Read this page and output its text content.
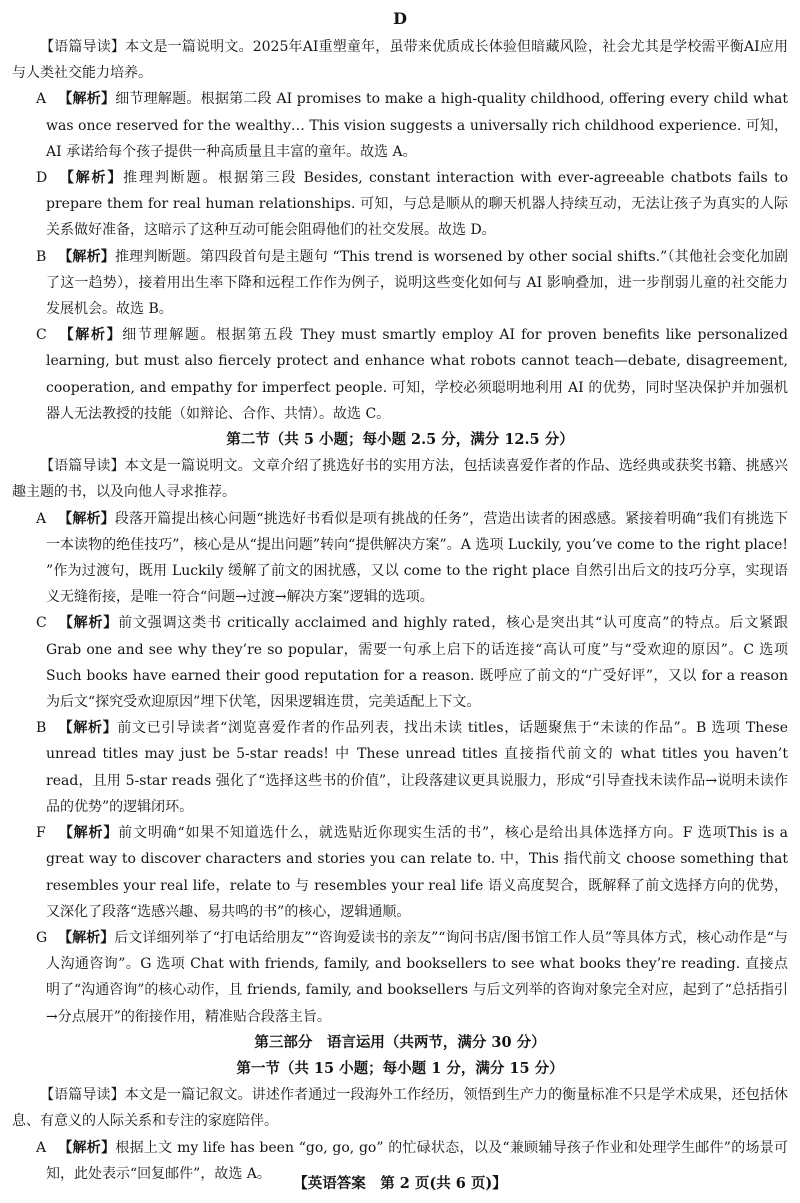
D

【语篇导读】本文是一篇说明文。2025年AI重塑童年，虽带来优质成长体验但暗藏风险，社会尤其是学校需平衡AI应用与人类社交能力培养。

A 【解析】细节理解题。根据第二段 AI promises to make a high-quality childhood, offering every child what was once reserved for the wealthy… This vision suggests a universally rich childhood experience. 可知，AI 承诺给每个孩子提供一种高质量且丰富的童年。故选 A。

D 【解析】推理判断题。根据第三段 Besides, constant interaction with ever-agreeable chatbots fails to prepare them for real human relationships. 可知，与总是顺从的聊天机器人持续互动，无法让孩子为真实的人际关系做好准备，这暗示了这种互动可能会阻碍他们的社交发展。故选 D。

B 【解析】推理判断题。第四段首句是主题句 “This trend is worsened by other social shifts.”（其他社会变化加剧了这一趋势），接着用出生率下降和远程工作作为例子，说明这些变化如何与 AI 影响叠加，进一步削弱儿童的社交能力发展机会。故选 B。

C 【解析】细节理解题。根据第五段 They must smartly employ AI for proven benefits like personalized learning, but must also fiercely protect and enhance what robots cannot teach—debate, disagreement, cooperation, and empathy for imperfect people. 可知，学校必须聪明地利用 AI 的优势，同时坚决保护并加强机器人无法教授的技能（如辩论、合作、共情）。故选 C。

第二节（共 5 小题；每小题 2.5 分，满分 12.5 分）

【语篇导读】本文是一篇说明文。文章介绍了挑选好书的实用方法，包括读喜爱作者的作品、选经典或获奖书籍、挑感兴趣主题的书，以及向他人寻求推荐。

A 【解析】段落开篇提出核心问题“挑选好书看似是项有挑战的任务”，营造出读者的困惑感。紧接着明确“我们有挑选下一本读物的绝佳技巧”，核心是从“提出问题”转向“提供解决方案”。A 选项 Luckily, you’ve come to the right place! ”作为过渡句，既用 Luckily 缓解了前文的困扰感，又以 come to the right place 自然引出后文的技巧分享，实现语义无缝衔接，是唯一符合“问题→过渡→解决方案”逻辑的选项。

C 【解析】前文强调这类书 critically acclaimed and highly rated，核心是突出其“认可度高”的特点。后文紧跟 Grab one and see why they’re so popular，需要一句承上启下的话连接“高认可度”与“受欢迎的原因”。C 选项 Such books have earned their good reputation for a reason. 既呼应了前文的“广受好评”，又以 for a reason 为后文“探究受欢迎原因”埋下伏笔，因果逻辑连贯，完美适配上下文。

B 【解析】前文已引导读者“浏览喜爱作者的作品列表，找出未读 titles，话题聚焦于“未读的作品”。B 选项 These unread titles may just be 5-star reads! 中 These unread titles 直接指代前文的 what titles you haven’t read，且用 5-star reads 强化了“选择这些书的价值”，让段落建议更具说服力，形成“引导查找未读作品→说明未读作品的优势”的逻辑闭环。

F 【解析】前文明确“如果不知道选什么，就选贴近你现实生活的书”，核心是给出具体选择方向。F 选项This is a great way to discover characters and stories you can relate to. 中，This 指代前文 choose something that resembles your real life，relate to 与 resembles your real life 语义高度契合，既解释了前文选择方向的优势，又深化了段落“选感兴趣、易共鸣的书”的核心，逻辑通顺。

G 【解析】后文详细列举了“打电话给朋友”“咨询爱读书的亲友”“询问书店/图书馆工作人员”等具体方式，核心动作是“与人沟通咨询”。G 选项 Chat with friends, family, and booksellers to see what books they’re reading. 直接点明了“沟通咨询”的核心动作，且 friends, family, and booksellers 与后文列举的咨询对象完全对应，起到了“总括指引→分点展开”的衔接作用，精准贴合段落主旨。

第三部分　语言运用（共两节，满分 30 分）
第一节（共 15 小题；每小题 1 分，满分 15 分）

【语篇导读】本文是一篇记叙文。讲述作者通过一段海外工作经历，领悟到生产力的衡量标准不只是学术成果，还包括休息、有意义的人际关系和专注的家庭陪伴。

A 【解析】根据上文 my life has been “go, go, go” 的忙碌状态，以及“兼顾辅导孩子作业和处理学生邮件”的场景可知，此处表示“回复邮件”，故选 A。

【英语答案　第 2 页(共 6 页)】
